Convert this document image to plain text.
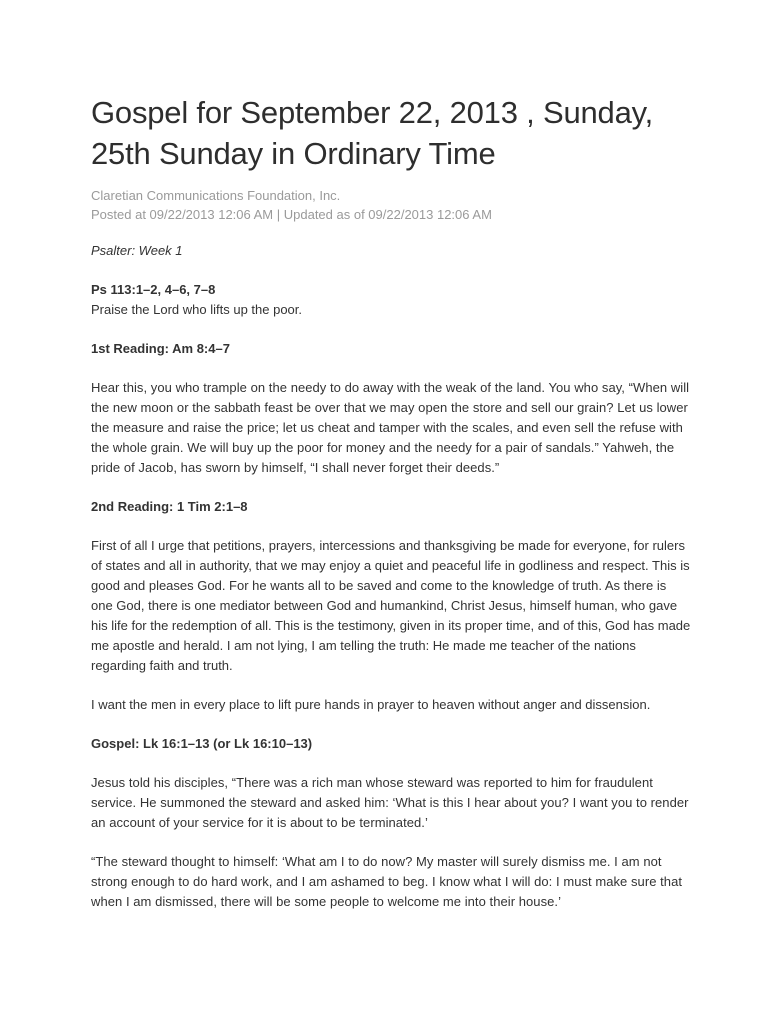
Gospel for September 22, 2013 , Sunday, 25th Sunday in Ordinary Time
Claretian Communications Foundation, Inc.
Posted at 09/22/2013 12:06 AM | Updated as of 09/22/2013 12:06 AM

Psalter: Week 1

Ps 113:1–2, 4–6, 7–8

Praise the Lord who lifts up the poor.

1st Reading: Am 8:4–7

Hear this, you who trample on the needy to do away with the weak of the land. You who say, “When will the new moon or the sabbath feast be over that we may open the store and sell our grain? Let us lower the measure and raise the price; let us cheat and tamper with the scales, and even sell the refuse with the whole grain. We will buy up the poor for money and the needy for a pair of sandals.” Yahweh, the pride of Jacob, has sworn by himself, “I shall never forget their deeds.”

2nd Reading: 1 Tim 2:1–8

First of all I urge that petitions, prayers, intercessions and thanksgiving be made for everyone, for rulers of states and all in authority, that we may enjoy a quiet and peaceful life in godliness and respect. This is good and pleases God. For he wants all to be saved and come to the knowledge of truth. As there is one God, there is one mediator between God and humankind, Christ Jesus, himself human, who gave his life for the redemption of all. This is the testimony, given in its proper time, and of this, God has made me apostle and herald. I am not lying, I am telling the truth: He made me teacher of the nations regarding faith and truth.

I want the men in every place to lift pure hands in prayer to heaven without anger and dissension.

Gospel: Lk 16:1–13 (or Lk 16:10–13)

Jesus told his disciples, “There was a rich man whose steward was reported to him for fraudulent service. He summoned the steward and asked him: ‘What is this I hear about you? I want you to render an account of your service for it is about to be terminated.’

“The steward thought to himself: ‘What am I to do now? My master will surely dismiss me. I am not strong enough to do hard work, and I am ashamed to beg. I know what I will do: I must make sure that when I am dismissed, there will be some people to welcome me into their house.’
